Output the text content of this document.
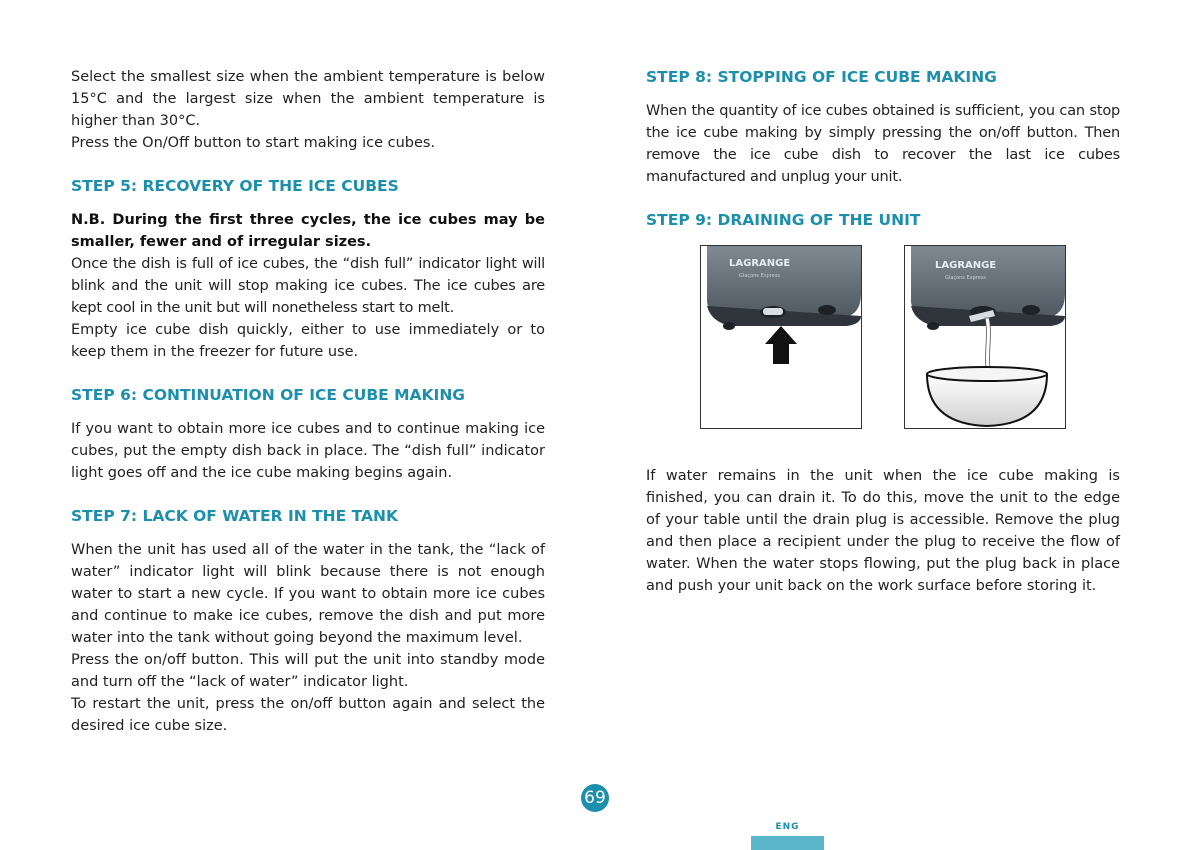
Select the smallest size when the ambient temperature is below 15°C and the largest size when the ambient temperature is higher than 30°C.

Press the On/Off button to start making ice cubes.

STEP 5: RECOVERY OF THE ICE CUBES

N.B. During the first three cycles, the ice cubes may be smaller, fewer and of irregular sizes.

Once the dish is full of ice cubes, the “dish full” indicator light will blink and the unit will stop making ice cubes. The ice cubes are kept cool in the unit but will nonetheless start to melt.

Empty ice cube dish quickly, either to use immediately or to keep them in the freezer for future use.

STEP 6: CONTINUATION OF ICE CUBE MAKING

If you want to obtain more ice cubes and to continue making ice cubes, put the empty dish back in place. The “dish full” indicator light goes off and the ice cube making begins again.

STEP 7: LACK OF WATER IN THE TANK

When the unit has used all of the water in the tank, the “lack of water” indicator light will blink because there is not enough water to start a new cycle. If you want to obtain more ice cubes and continue to make ice cubes, remove the dish and put more water into the tank without going beyond the maximum level.

Press the on/off button. This will put the unit into standby mode and turn off the “lack of water” indicator light.

To restart the unit, press the on/off button again and select the desired ice cube size.

STEP 8: STOPPING OF ICE CUBE MAKING

When the quantity of ice cubes obtained is sufficient, you can stop the ice cube making by simply pressing the on/off button. Then remove the ice cube dish to recover the last ice cubes manufactured and unplug your unit.

STEP 9: DRAINING OF THE UNIT
LAGRANGE
Glaçons Express
LAGRANGE
Glaçons Express

If water remains in the unit when the ice cube making is finished, you can drain it. To do this, move the unit to the edge of your table until the drain plug is accessible. Remove the plug and then place a recipient under the plug to receive the flow of water. When the water stops flowing, put the plug back in place and push your unit back on the work surface before storing it.

69
ENG
